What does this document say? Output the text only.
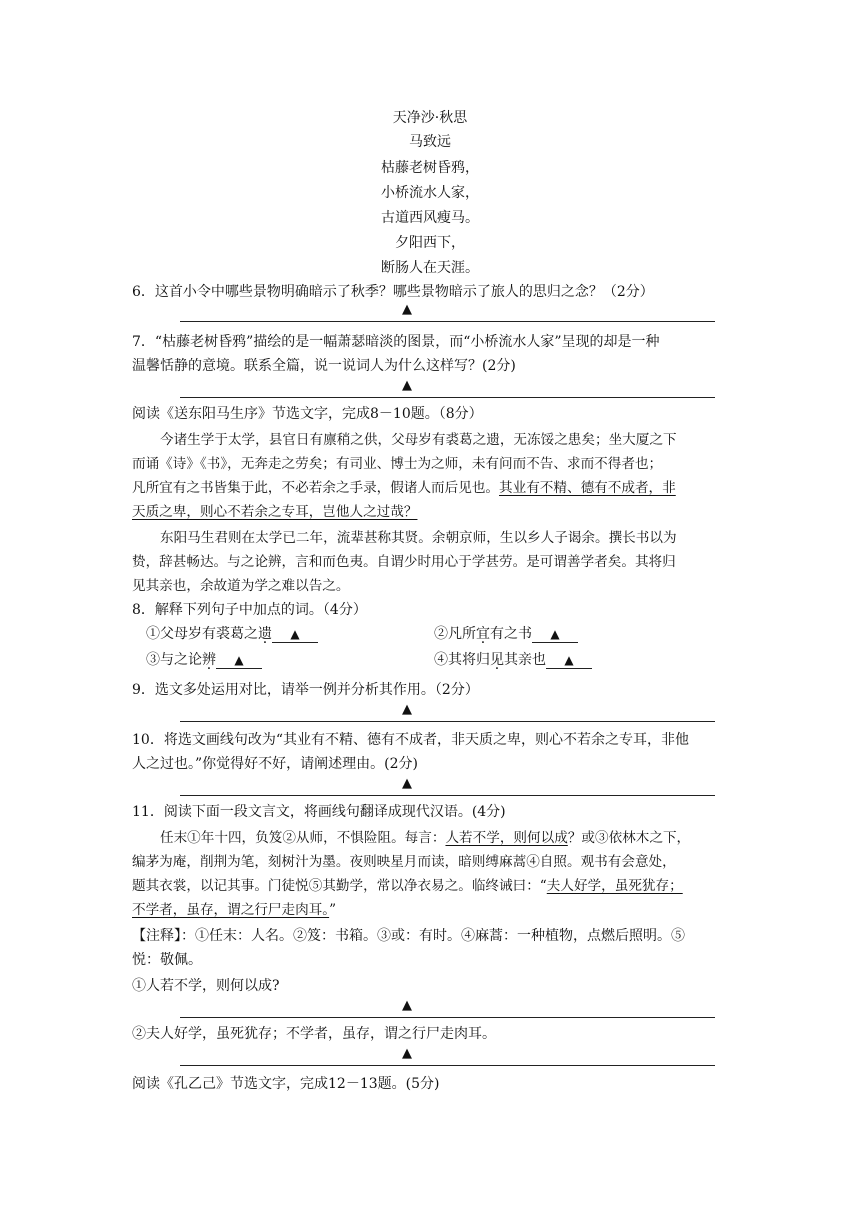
天净沙·秋思
马致远
枯藤老树昏鸦，
小桥流水人家，
古道西风瘦马。
夕阳西下，
断肠人在天涯。
6．这首小令中哪些景物明确暗示了秋季？哪些景物暗示了旅人的思归之念？（2分）
▲
7．“枯藤老树昏鸦”描绘的是一幅萧瑟暗淡的图景，而“小桥流水人家”呈现的却是一种
温馨恬静的意境。联系全篇，说一说词人为什么这样写？(2分)
▲
阅读《送东阳马生序》节选文字，完成8－10题。（8分）
今诸生学于太学，县官日有廪稍之供，父母岁有裘葛之遗，无冻馁之患矣；坐大厦之下
而诵《诗》《书》，无奔走之劳矣；有司业、博士为之师，未有问而不告、求而不得者也；
凡所宜有之书皆集于此，不必若余之手录，假诸人而后见也。其业有不精、德有不成者，非
天质之卑，则心不若余之专耳，岂他人之过哉？
东阳马生君则在太学已二年，流辈甚称其贤。余朝京师，生以乡人子谒余。撰长书以为
贽，辞甚畅达。与之论辨，言和而色夷。自谓少时用心于学甚劳。是可谓善学者矣。其将归
见其亲也，余故道为学之难以告之。
8．解释下列句子中加点的词。（4分）
①父母岁有裘葛之遗 ▲	②凡所宜有之书 ▲
③与之论辨 ▲	④其将归见其亲也 ▲
9．选文多处运用对比，请举一例并分析其作用。（2分）
▲
10．将选文画线句改为“其业有不精、德有不成者，非天质之卑，则心不若余之专耳，非他
人之过也。”你觉得好不好，请阐述理由。(2分)
▲
11．阅读下面一段文言文，将画线句翻译成现代汉语。(4分)
任末①年十四，负笈②从师，不惧险阻。每言：人若不学，则何以成？或③依林木之下，
编茅为庵，削荆为笔，刻树汁为墨。夜则映星月而读，暗则缚麻蒿④自照。观书有会意处，
题其衣裳，以记其事。门徒悦⑤其勤学，常以净衣易之。临终诫曰：“夫人好学，虽死犹存；
不学者，虽存，谓之行尸走肉耳。”
【注释】：①任末：人名。②笈：书箱。③或：有时。④麻蒿：一种植物，点燃后照明。⑤
悦：敬佩。
①人若不学，则何以成?
▲
②夫人好学，虽死犹存；不学者，虽存，谓之行尸走肉耳。
▲
阅读《孔乙己》节选文字，完成12－13题。(5分)
